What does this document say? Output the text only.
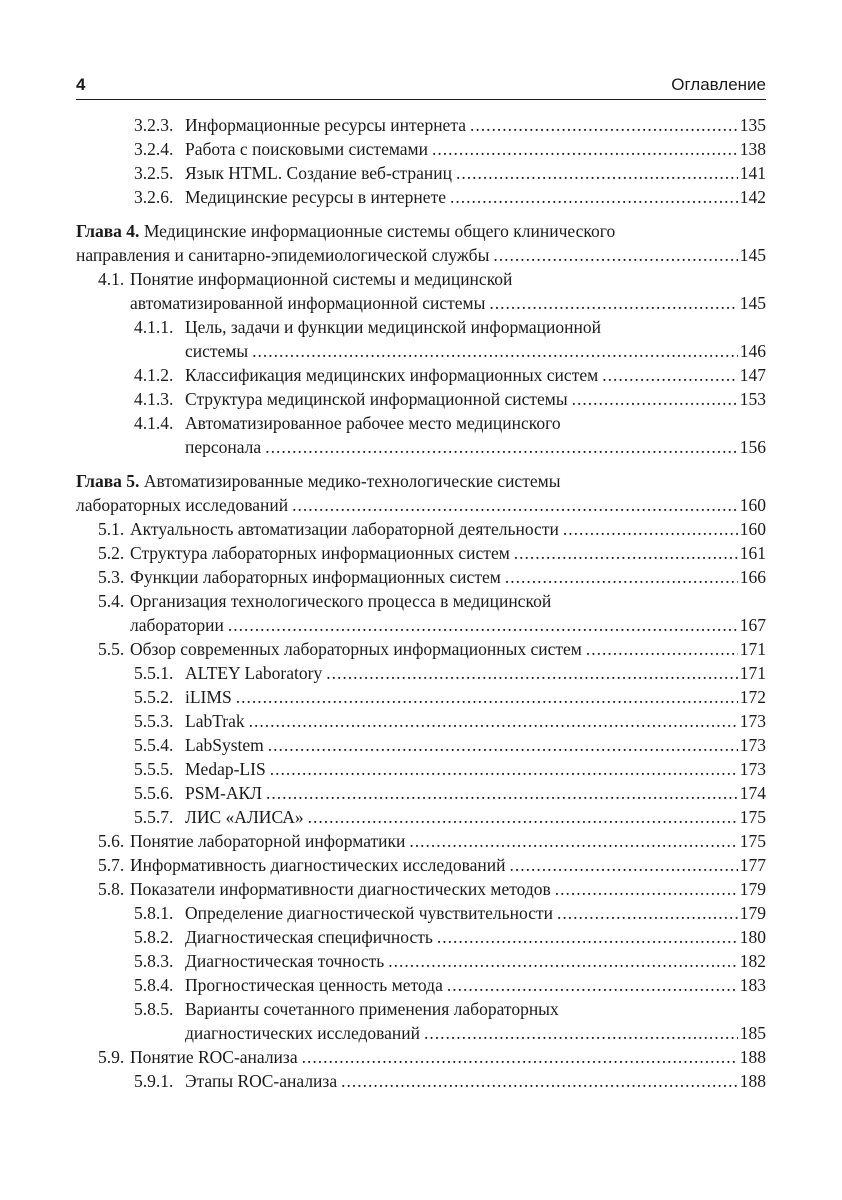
4	Оглавление
3.2.3. Информационные ресурсы интернета .....	135
3.2.4. Работа с поисковыми системами .....	138
3.2.5. Язык HTML. Создание веб-страниц .....	141
3.2.6. Медицинские ресурсы в интернете .....	142
Глава 4. Медицинские информационные системы общего клинического
направления и санитарно-эпидемиологической службы .....	145
4.1. Понятие информационной системы и медицинской
автоматизированной информационной системы .....	145
4.1.1. Цель, задачи и функции медицинской информационной
системы .....	146
4.1.2. Классификация медицинских информационных систем .....	147
4.1.3. Структура медицинской информационной системы .....	153
4.1.4. Автоматизированное рабочее место медицинского
персонала .....	156
Глава 5. Автоматизированные медико-технологические системы
лабораторных исследований .....	160
5.1. Актуальность автоматизации лабораторной деятельности .....	160
5.2. Структура лабораторных информационных систем .....	161
5.3. Функции лабораторных информационных систем .....	166
5.4. Организация технологического процесса в медицинской
лаборатории .....	167
5.5. Обзор современных лабораторных информационных систем .....	171
5.5.1. ALTEY Laboratory .....	171
5.5.2. iLIMS .....	172
5.5.3. LabTrak .....	173
5.5.4. LabSystem .....	173
5.5.5. Medap-LIS .....	173
5.5.6. PSM-АКЛ .....	174
5.5.7. ЛИС «АЛИСА» .....	175
5.6. Понятие лабораторной информатики .....	175
5.7. Информативность диагностических исследований .....	177
5.8. Показатели информативности диагностических методов .....	179
5.8.1. Определение диагностической чувствительности .....	179
5.8.2. Диагностическая специфичность .....	180
5.8.3. Диагностическая точность .....	182
5.8.4. Прогностическая ценность метода .....	183
5.8.5. Варианты сочетанного применения лабораторных
диагностических исследований .....	185
5.9. Понятие ROC-анализа .....	188
5.9.1. Этапы ROC-анализа .....	188
